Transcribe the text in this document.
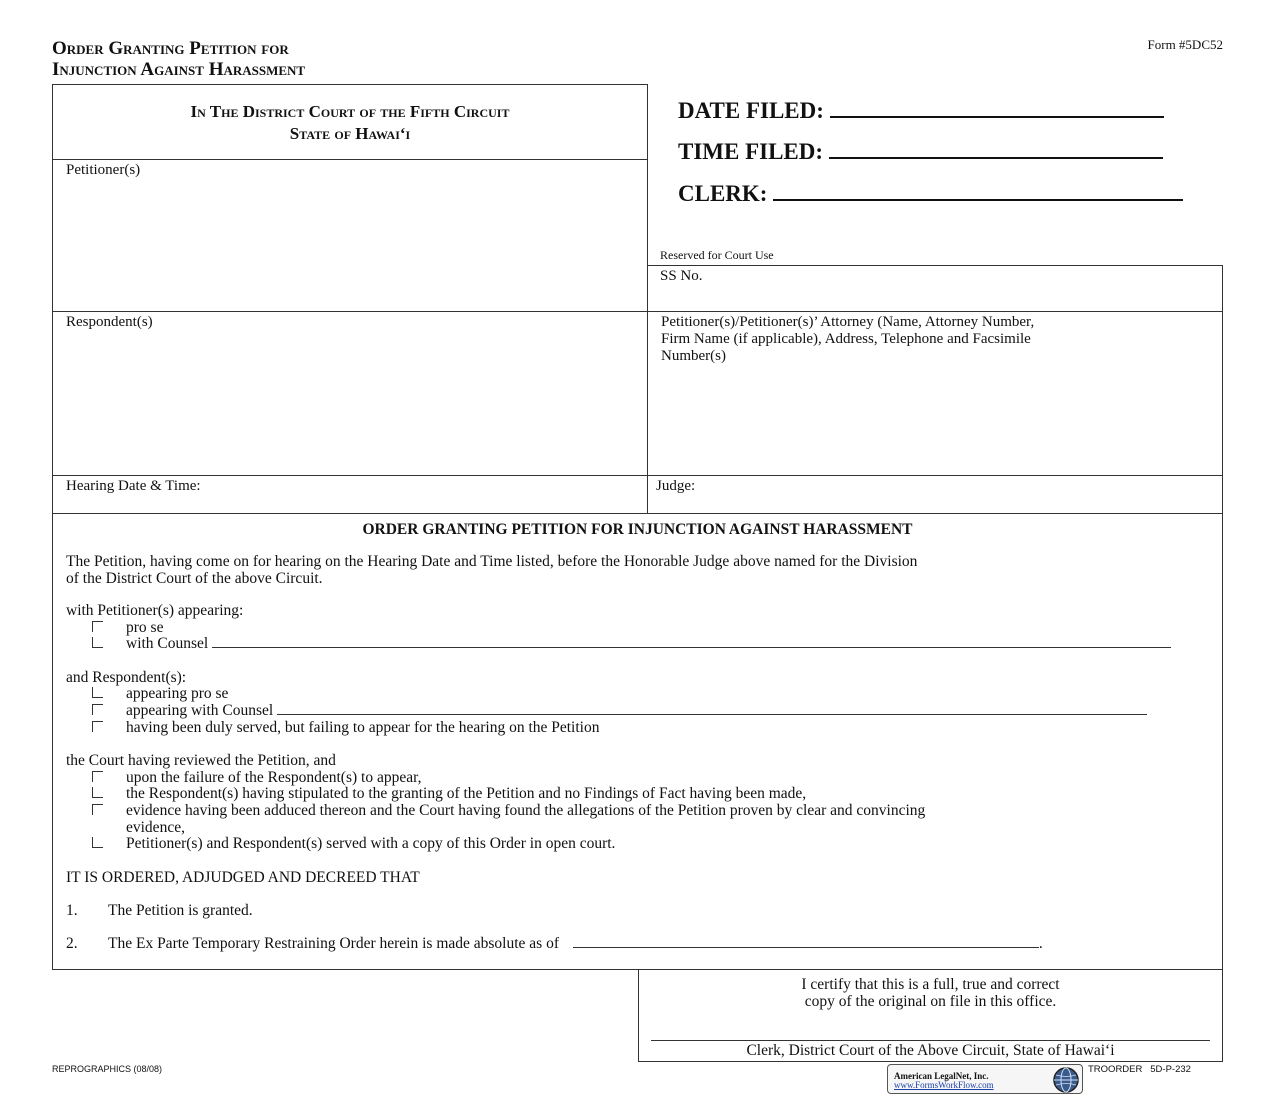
Order Granting Petition for
Injunction Against Harassment
Form #5DC52
In The District Court of the Fifth Circuit
State of Hawai‘i
DATE FILED:
TIME FILED:
CLERK:
Reserved for Court Use
Petitioner(s)
SS No.
Respondent(s)	Petitioner(s)/Petitioner(s)’ Attorney (Name, Attorney Number,
Firm Name (if applicable), Address, Telephone and Facsimile
Number(s)
Hearing Date & Time:	Judge:
ORDER GRANTING PETITION FOR INJUNCTION AGAINST HARASSMENT
The Petition, having come on for hearing on the Hearing Date and Time listed, before the Honorable Judge above named for the Division
of the District Court of the above Circuit.
with Petitioner(s) appearing:
pro se
with Counsel
and Respondent(s):
appearing pro se
appearing with Counsel
having been duly served, but failing to appear for the hearing on the Petition
the Court having reviewed the Petition, and
upon the failure of the Respondent(s) to appear,
the Respondent(s) having stipulated to the granting of the Petition and no Findings of Fact having been made,
evidence having been adduced thereon and the Court having found the allegations of the Petition proven by clear and convincing
evidence,
Petitioner(s) and Respondent(s) served with a copy of this Order in open court.
IT IS ORDERED, ADJUDGED AND DECREED THAT
1. The Petition is granted.
2. The Ex Parte Temporary Restraining Order herein is made absolute as of	.
I certify that this is a full, true and correct
copy of the original on file in this office.
Clerk, District Court of the Above Circuit, State of Hawai‘i
REPROGRAPHICS (08/08)	TROORDER   5D-P-232
American LegalNet, Inc.
www.FormsWorkFlow.com
